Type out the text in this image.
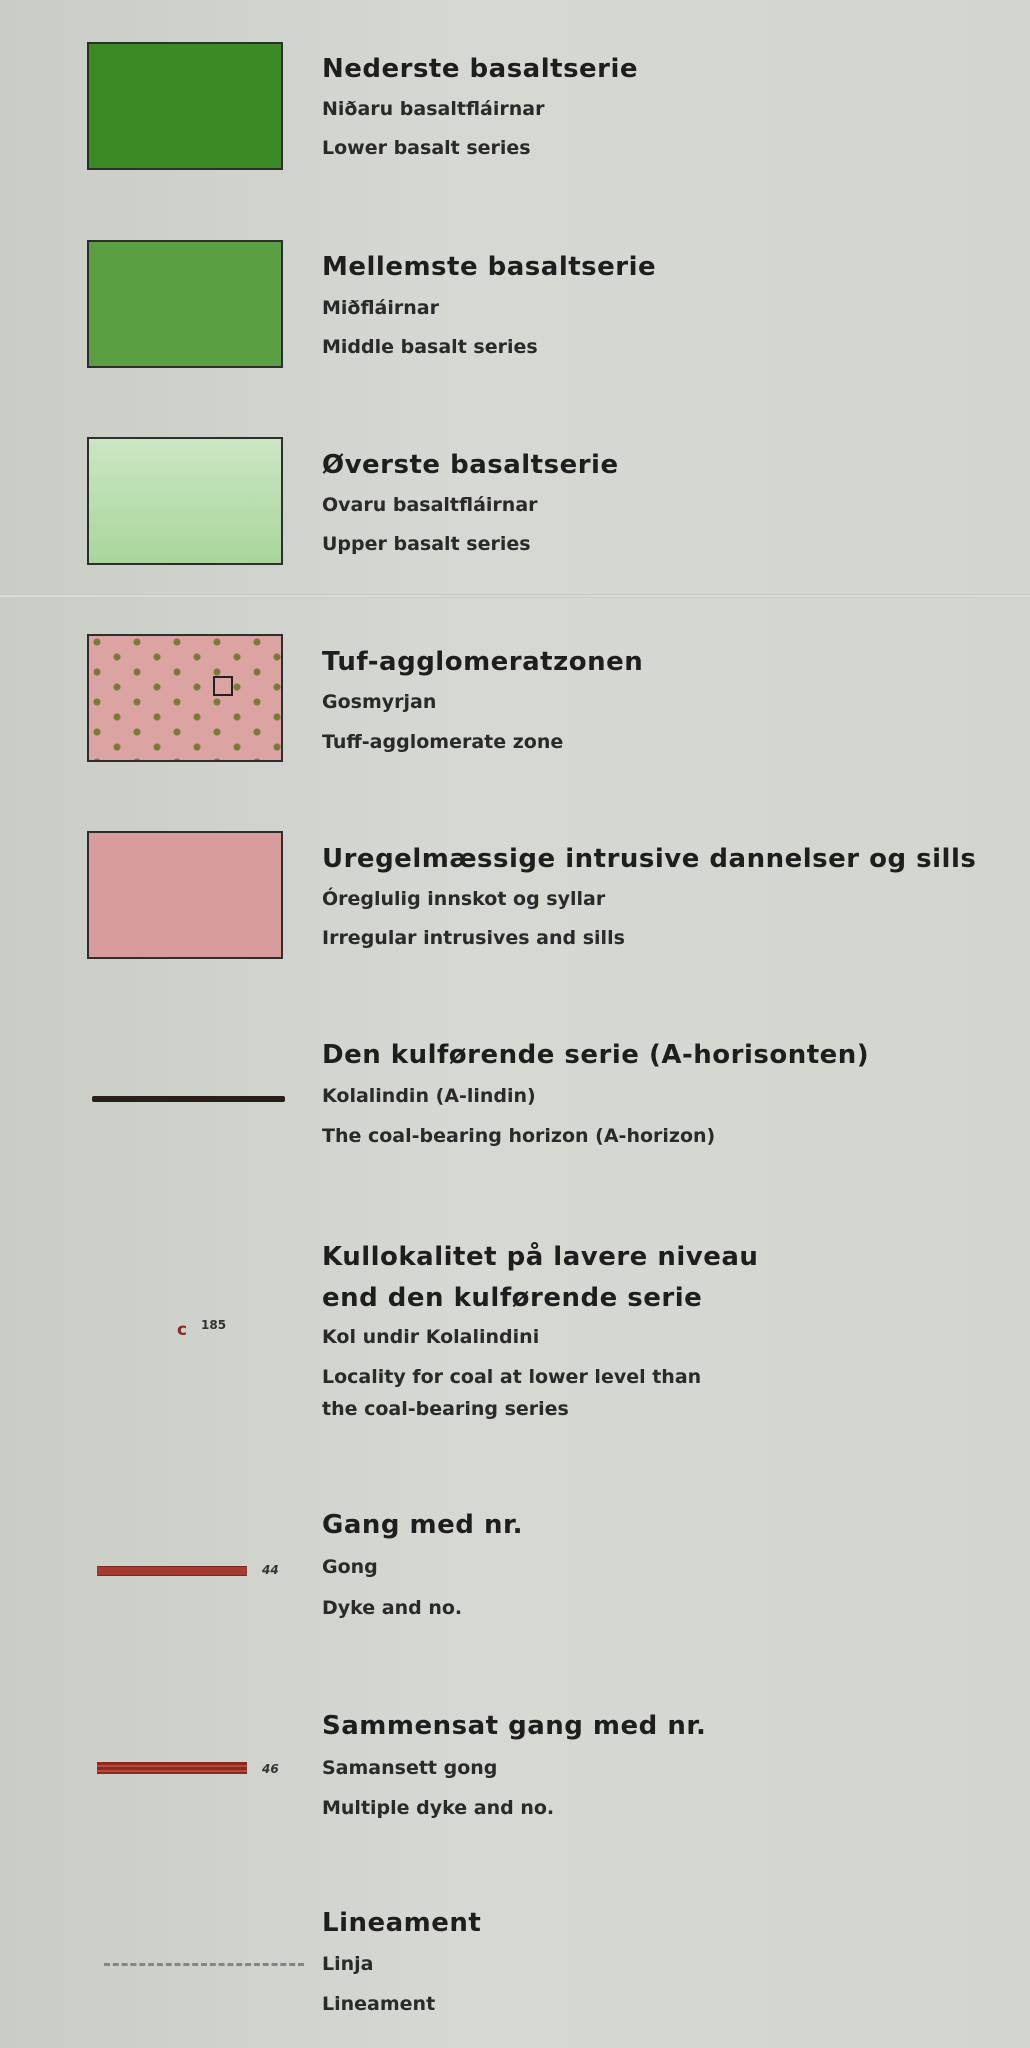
Nederste basaltserie
Niðaru basaltfláirnar
Lower basalt series
Mellemste basaltserie
Miðfláirnar
Middle basalt series
Øverste basaltserie
Ovaru basaltfláirnar
Upper basalt series
Tuf-agglomeratzonen
Gosmyrjan
Tuff-agglomerate zone
Uregelmæssige intrusive dannelser og sills
Óreglulig innskot og syllar
Irregular intrusives and sills
Den kulførende serie (A-horisonten)
Kolalindin (A-lindin)
The coal-bearing horizon (A-horizon)
c 185
Kullokalitet på lavere niveau
end den kulførende serie
Kol undir Kolalindini
Locality for coal at lower level than
the coal-bearing series
44
Gang med nr.
Gong
Dyke and no.
46
Sammensat gang med nr.
Samansett gong
Multiple dyke and no.
Lineament
Linja
Lineament
